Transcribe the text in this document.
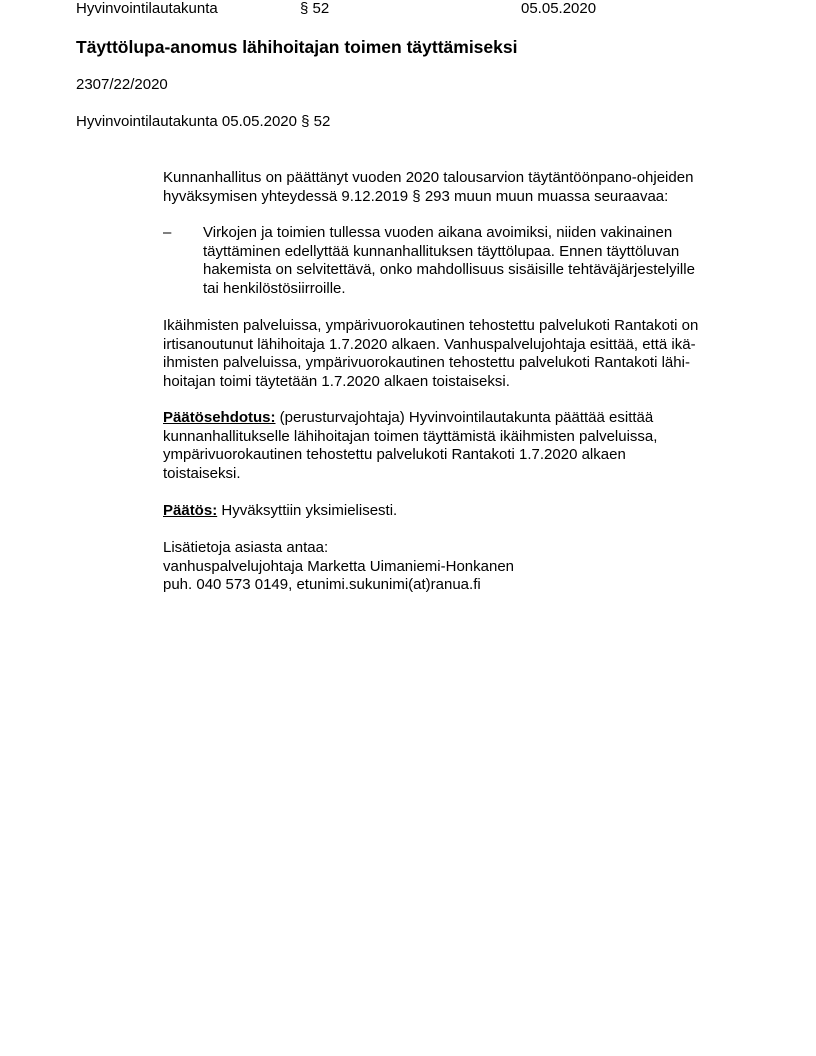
Hyvinvointilautakunta	§ 52	05.05.2020
Täyttölupa-anomus lähihoitajan toimen täyttämiseksi
2307/22/2020
Hyvinvointilautakunta 05.05.2020 § 52
Kunnanhallitus on päättänyt vuoden 2020 talousarvion täytäntöönpano-ohjeiden
hyväksymisen yhteydessä 9.12.2019 § 293 muun muun muassa seuraavaa:
– Virkojen ja toimien tullessa vuoden aikana avoimiksi, niiden vakinainen
täyttäminen edellyttää kunnanhallituksen täyttölupaa. Ennen täyttöluvan
hakemista on selvitettävä, onko mahdollisuus sisäisille tehtäväjärjestelyille
tai henkilöstösiirroille.
Ikäihmisten palveluissa, ympärivuorokautinen tehostettu palvelukoti Rantakoti on
irtisanoutunut lähihoitaja 1.7.2020 alkaen. Vanhuspalvelujohtaja esittää, että ikä-
ihmisten palveluissa, ympärivuorokautinen tehostettu palvelukoti Rantakoti lähi-
hoitajan toimi täytetään 1.7.2020 alkaen toistaiseksi.
Päätösehdotus: (perusturvajohtaja) Hyvinvointilautakunta päättää esittää
kunnanhallitukselle lähihoitajan toimen täyttämistä ikäihmisten palveluissa,
ympärivuorokautinen tehostettu palvelukoti Rantakoti 1.7.2020 alkaen
toistaiseksi.
Päätös: Hyväksyttiin yksimielisesti.
Lisätietoja asiasta antaa:
vanhuspalvelujohtaja Marketta Uimaniemi-Honkanen
puh. 040 573 0149, etunimi.sukunimi(at)ranua.fi
